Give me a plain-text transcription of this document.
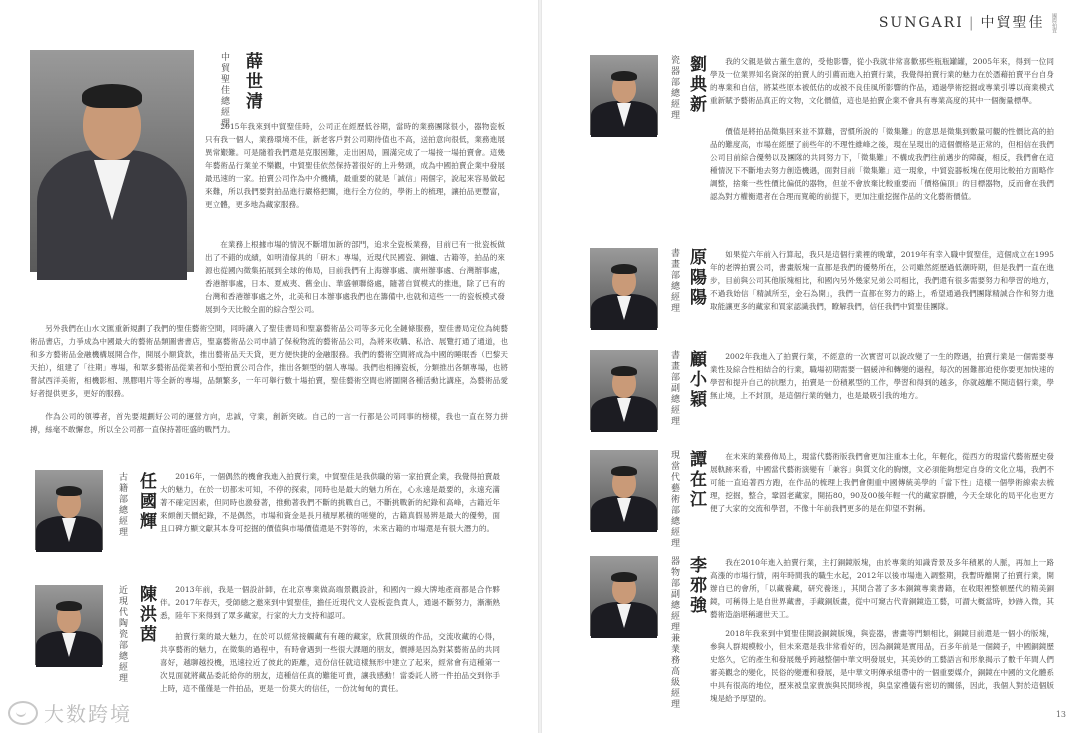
中貿聖佳總經理 薛世清

2015年我來到中貿聖佳時，公司正在經歷低谷期，當時的業務團隊很小，器物瓷板只有我一個人，業務環境不佳，新老客戶對公司期待值也不高，送拍意向很低，業務進展異常艱難。可是隨着我們還是克服困難，走出困局，圓滿完成了一場接一場拍賣會。這幾年藝術品行業並不樂觀，中貿聖佳依然保持著很好的上升勢頭，成為中國拍賣企業中發展最迅速的一家。拍賣公司作為中介機構，最重要的就是「誠信」兩個字，說起來容易做起來難，所以我們要對拍品進行嚴格把關，進行全方位的，學術上的梳理，讓拍品更豐富，更立體，更多地為藏家服務。

在業務上根據市場的情況不斷增加新的部門，追求全瓷板業務，目前已有一批瓷板做出了不錯的成績，如明清傢具的「研木」專場，近現代民國瓷、銅爐、古籍等，拍品的來源也從國內徵集拓展到全球的佈局，目前我們有上海辦事處、廣州辦事處、台灣辦事處，香港辦事處，日本、夏威夷、舊金山、華盛頓聯絡處，隨著自貿模式的推進，除了已有的台灣和香港辦事處之外，北美和日本辦事處我們也在籌備中,也就和這些一一的瓷板模式發展到今天比較全面的綜合型公司。

另外我們在山水文匯重新規劃了我們的聖佳藝術空間，同時讓入了聖佳書局和聖嘉藝術品公司等多元化全鏈條服務，聖佳書局定位為純藝術品書店，力爭成為中國最大的藝術品類圖書書店，聖嘉藝術品公司申請了保稅物流的藝術品公司，為將來收購、私洽、展覽打通了通道，也和多方藝術品金融機構展開合作，開展小額貸款，推出藝術品天天貸，更方便快捷的金融服務。我們的藝術空間將成為中國的睡眠香（巴黎天天拍），組建了「往期」專場，和眾多藝術品從業者和小型拍賣公司合作，推出各類型的個人專場。我們也相擁瓷板，分類推出各類專場，也將嘗試西洋美術，相機影相、黑膠唱片等全新的專場，品類繁多，一年可舉行數十場拍賣，聖佳藝術空間也將圍開各種活動比講座，為藝術品愛好者提供更多，更好的服務。

作為公司的領導者，首先要規劃好公司的運營方向，忠誠，守業，創新突破。自己的一言一行都是公司同事的榜樣，我也一直在努力拼搏，絲毫不敢懈怠，所以全公司都一直保持著旺盛的戰鬥力。

古籍部總經理 任國輝	2016年，一個偶然的機會我進入拍賣行業，中貿聖佳是我供職的第一家拍賣企業，我覺得拍賣最大的魅力，在於一切都未可知，不停的探索，同時也是最大的魅力所在，心永遠是最要的，永遠充滿著不確定因素，但同時也激發著，推動著我們不斷的挑戰自己，不斷挑戰新的紀錄和高峰，古籍近年來頗創天價紀錄，不是偶然，市場和資金是長月積厚累積的嗟變的，古籍真假易辨是最大的優勢，面且口碑方顯文獻其本身可挖掘的價值與市場價值還是不對等的，未來古籍的市場還是有很大潛力的。

近現代陶瓷部總經理 陳洪茵	2013年前，我是一個設計師，在北京專業做高端景觀設計，和國內一線大牌地產商都是合作夥伴。2017年春天，受師總之邀來到中貿聖佳，擔任近現代文人瓷板瓷負責人，通過不斷努力，漸漸熟悉，陸年下來得到了眾多藏家，行家的大力支持和認可。

拍賣行業的最大魅力，在於可以經常接觸藏有有趣的藏家，欣賞頂級的作品，交流收藏的心得，共享藝術的魅力，在徵集的過程中，有時會遇到一些很大課題的朋友，價搏是因為對某藝術品的共同喜好，越聊越投機，迅速拉近了彼此的距離，這份信任就這樣無形中建立了起來，經常會有這種第一次見面就將藏品委託給你的朋友，這種信任真的難能可貴，讓我感動！當委託人將一件拍品交到你手上時，這不僅僅是一件拍品，更是一份莫大的信任，一份沈甸甸的責任。

大数跨境
SUNGARI | 中貿聖佳 國際拍賣
瓷器部總經理 劉典新	我的父親是做古董生意的，受他影響，從小我就非常喜歡那些瓶瓶罐罐，2005年來，得到一位同學及一位業界知名資深的拍賣人的引薦而進入拍賣行業，我覺得拍賣行業的魅力在於憑藉拍賣平台自身的專業和自信，將某些原本被低估的或被不良佳風所影響的作品，通過學術挖掘或專業引導以商業模式重新賦予藝術品真正的文物，文化價值，這也是拍賣企業不會具有專業高度的其中一個衡量標準。

價值是將拍品徵集回來並不算難，習慣所說的「徵集難」的意思是徵集到數量可觀的性價比高的拍品的難度高，市場在經歷了前些年的不理性維峰之後，現在呈現出的這個價格是正常的，但相信在我們公司目前綜合優勢以及團隊的共同努力下，「徵集難」不構成我們往前邁步的障礙，相反，我們會在這種情況下不斷地去努力創造機遇，面對目前「徵集難」這一現象，中貿瓷器板塊在使用比較拍方面略作調整，捨棄一些性價比偏低的器物，但並不會放棄比較重要而「價格偏頂」的目標器物，反而會在我們認為對方權衡還者在合理而寬範的前提下，更加注重挖掘作品的文化藝術價值。

書畫部總經理 原陽陽	如果從六年前入行算起，我只是這個行業裡的晚輩，2019年有幸入職中貿聖佳，這個成立在1995年的老牌拍賣公司，書畫版塊一直都是我們的優勢所在，公司雖然經歷過低潮時期，但是我們一直在進步，目前與公司其他版塊相比，和國內另外幾家兄弟公司相比，我們還有很多需要努力和學習的地方，不過我始信「精誠所至，金石為開」，我們一直都在努力的路上，希望通過我們團隊精誠合作和努力進取能讓更多的藏家和買家認識我們，瞭解我們，信任我們中貿聖佳團隊。

書畫部副總經理 顧小穎	2002年我進入了拍賣行業，不經意的一次實習可以說改變了一生的際遇，拍賣行業是一個需要專業性及綜合性相結合的行業，職場初期需要一個緩沖和轉變的過程，每次的困難都迫使你要更加快速的學習和提升自己的抗壓力，拍賣是一份積累型的工作，學習和得到的越多，你就越離不開這個行業，學無止境，上不封頂，是這個行業的魅力，也是最吸引我的地方。

現當代藝術部總經理 譚在江	在未來的業務佈局上，現當代藝術版我們會更加注重本土化，年輕化，從西方的現當代藝術歷史發展軌跡來看，中國當代藝術演變有「兼容」與質文化的胸懷，文必須能夠想定自身的文化立場，我們不可能一直追著西方跑，在作品的梳理上我們會側重中國傳統美學的「當下性」這樣一個學術線索去梳理，挖掘，整合，鞏固老藏家，開拓80，90及00後年輕一代的藏家群體，今天全球化的局平化也更方便了大家的交流和學習，不像十年前我們更多的是在仰望不對稱。

器物部副總經理兼業務高級經理 李邪強	我在2010年進入拍賣行業，主打銅鏡版塊，由於專業的知識背景及多年積累的人脈，再加上一路高漲的市場行情，兩年時間我的職生水起，2012年以後市場進入調整期，我暫時離開了拍賣行業，開辦自已的會所，「以藏養藏，研究養迷」，其間合著了多本銅鏡專業書籍，在收眼裡整頓歷代的精美銅鏡，可稱得上是自世界藏書，手藏銅版畫，從中可窺古代青銅鏡造工藝，可謂大概當時，妙跡入微，其藝術造詣堪稱適世天工。

2018年我來到中貿聖佳開設銅鏡版塊，與瓷器，書畫等門類相比，銅鏡目前還是一個小的版塊，參與人群規模較小，但未來還是我非常看好的，因為銅鏡是實用品，百多年前是一個鏡子，中國銅鏡歷史悠久，它的產生和發展幾乎跨越整個中華文明發展史，其美妙的工藝語言和形象揭示了數千年間人們審美觀念的變化，民俗的變遷和發展，是中華文明傳承組帶中的一個重要媒介，銅鏡在中國的文化體系中具有很高的地位，歷來被皇家貴族與民間珍視，與皇家禮儀有密切的關係，因此，我個人對於這個版塊是給予厚望的。

13
